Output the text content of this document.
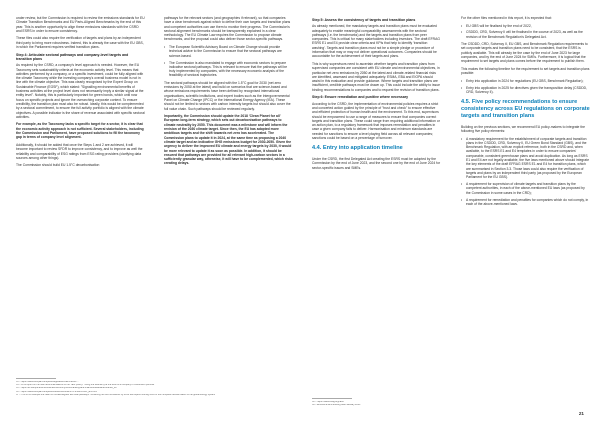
under review, but the Commission is required to review the emissions standards for EU Climate Transition Benchmarks and EU Paris-Aligned Benchmarks by the end of this year. This is another opportunity to align these emissions standards with the CSRD and ESRS in order to ensure consistency.

These files could also require the verification of targets and plans by an independent third party to bring more robustness. Indeed, this is already the case with the EU GBS, in which the Parliament requires verified transition plans.

Step 4: Articulate sectoral pathways and company-level targets and transition plans

As required by the CSRD, a company's level approach is needed. However, the EU Taxonomy sets sustainability criteria at the economic activity level. This means that activities performed by a company, or a specific investment, could be fully aligned with the climate Taxonomy while the investing company's overall business model is not in line with the climate objective. This was clearly recognised by the Expert Group on Sustainable Finance (EGSF), which stated: "Signalling environmental benefits of business activities at the project level does not necessarily imply a similar signal at the entity level". Notably, this is particularly important for green bonds, which until now focus on specific projects and ignore the overarching corporate context. To ensure credibility, the transition plan must also be robust. Ideally, this would be complemented by a sectoral commitment, to ensure the full activity portfolio is aligned with the climate objectives. A possible indicator is the share of revenue associated with specific sectoral activities.

For example, as the Taxonomy lacks a specific target for a sector, it is clear that the economic activity approach is not sufficient. Several stakeholders, including the Commission and Parliament, have proposed solutions to fill the taxonomy gap in terms of company level alignment.

Additionally, it should be added that once the Steps 1 and 2 are achieved, it will become important to review SFDR to improve consistency, and to improve as well the reliability and comparability of ESG ratings from ESG rating providers (clarifying data sources among other things).

The Commission should build EU 1.5°C decarbonisation

pathways for the relevant sectors (and geographies if relevant), so that companies have a clear benchmark against which to define their own targets and transition plans and competent authorities can use them to monitor their progress. The Commission's sectoral alignment benchmarks should be transparently explained in a clear methodology. The EU Climate Law requires the Commission to propose climate benchmarks, and the proposal could also deliver those sector-specific pathways.

• The European Scientific Advisory Board on Climate Change should provide technical advice to the Commission to ensure that the sectoral pathways are science-based.
• The Commission is also mandated to engage with economic sectors to prepare indicative sectoral pathways. This is relevant to ensure that the pathways will be truly implemented by companies, with the necessary economic analysis of the feasibility of sectoral trajectories.

The sectoral pathways should be aligned with the 1.5°C goal for 2030 (net zero emissions by 2050 at the latest) and build on scenarios that are science-based and whose emissions requirements have been defined by recognised international organisations, scientific institutions, and expert bodies such as the Intergovernmental Panel on Climate Change (IPCC) or the International Energy Agency (IEA). These should not be limited to sectors with carbon intensity targets but should also cover the full value chain. Such pathways should be reviewed regularly.

Importantly, the Commission should update the 2018 'Clean Planet for all' European long-term strategy, which sets out decarbonisation pathways to climate neutrality by 2050. This document was a milestone and will inform the revision of the 2030 climate target. Since then, the EU has adopted more ambitious targets and the shift towards net zero has accelerated. The Commission plans to update it in 2024, at the same time as proposing a 2040 climate target and an indicative GHG emissions budget for 2030-2050. Given the urgency to deliver the improved EU climate and energy targets by 2030, it would be more relevant to update it as soon as possible. In addition, it should be ensured that pathways are provided for all relevant high-carbon sectors in a sufficiently granular way, otherwise, it will have to be complemented, which risks creating delays.

Step 5: Assess the consistency of targets and transition plans

As already mentioned, the mandatory targets and transition plans must be evaluated adequately to enable meaningful comparability assessments with the sectoral pathways (i.e. the benchmarks) and the targets and transition plans from peer companies. This is critical for many stakeholders including investors. The draft EFRAG ESRS E1 and E4 provide clear criteria and KPIs that help to identify 'transition washing'. Targets and transition plans must not be a simple pledge or procedure of information that may or may not deliver operational outcomes. Companies should be accountable for the achievement of their targets and plans.

This is why supervisors need to ascertain whether targets and transition plans from supervised companies are consistent with EU climate and environmental objectives, in particular net zero emissions by 2050 at the latest and climate-related financial risks are identified, assessed and mitigated adequately. ESMA, EBA and EIOPA should assist in this evaluation and provide guidance. Where targets and transition plans are insufficient, credible pathways must be drawn up. This could include the ability to issue binding recommendations to companies and to request the revision of transition plans.

Step 6: Ensure remediation and punitive where necessary

According to the CSRD, the implementation of environmental policies requires a strict and concerted action guided by the principle of "trust and check" to ensure effective and efficient protection of human health and the environment. To this end, supervisors should be empowered to use a range of measures to ensure that companies correct targets and transition plans. These could range from requiring additional information or an action plan, to a regulatory framework that imposes remediation and penalties in case a given company fails to deliver. Harmonisation and minimum standards are needed for sanctions to ensure a level playing field across all relevant companies; sanctions could be based on a percentage of turnover.

4.4. Entry into application timeline

Under the CSRD, the first Delegated Act creating the ESRS must be adopted by the Commission by the end of June 2023, and the second one by the end of June 2024 for sector-specific issues and SMEs.

For the other files mentioned in this report, it is expected that:

• EU GBS will be finalised by the end of 2022,
• CSDDD, CRD, Solvency II will be finalised in the course of 2023, as well as the revision of the Benchmark Regulation's Delegated Act.

The CSDDD, CRD, Solvency II, EU GBS, and Benchmark Regulation requirements to set corporate targets and transition plans need to be consistent, that the ESRS is publicly available. This will already be the case by the end of June 2023 for large companies, and by the end of June 2024 for SMEs. Furthermore, it is logical that the requirement to set targets and plans comes before the requirement to publish them.

This makes the following timeline for the requirement to set targets and transition plans possible:

• Entry into application in 2024 for regulations (EU GBS, Benchmark Regulation);
• Entry into application in 2025 for directives given the transposition delay (CSDDD, CRD, Solvency II).
4.5. Five policy recommendations to ensure consistency across EU regulations on corporate targets and transition plans

Building on the previous sections, we recommend EU policy-makers to integrate the following five policy elements:

• A mandatory requirement for the establishment of corporate targets and transition plans in the CSDDD, CRD, Solvency II, EU Green Bond Standard (GBS), and the Benchmark Regulation, with an explicit reference, both in the CSRD and, when available, to the ESRS E1 and E4 templates in order to ensure companies' comparable, consistent greenhouse plans and avoid duplication. As long as ESRS E1 and E4 are not legally available, the five laws mentioned above should integrate the key elements of the draft EFRAG ESRS E1 and E4 for transition plans, which are summarised in Section 3.3. Those laws could also require the verification of targets and plans by an independent third party (as proposed by the European Parliament for the EU GBS).
• A requirement for supervision of climate targets and transition plans by the competent authorities, in each of the above-mentioned EU laws (as proposed by the Commission in some cases in the CRD);
• A requirement for remediation and penalties for companies which do not comply, in each of the above-mentioned laws.
53 – https://www.europarl.europa.eu/legislative-train/theme-...
54 – In its report on the final recommendations of the TEG (2020): "Using the taxonomy at the level of a company or investment portfolio"
55 – https://ec.europa.eu/info/business-economy-euro/banking-and-finance/sustainable-finance_en
56 – https://www.europarl.europa.eu/doceo/document/TA-9-2022-0xxx_EN.html
57 – This is for example the case for climate-aligned IEA NZE pathways: 'Achieving net zero emissions by 2050 will require nothing short of the complete transformation of the global energy system'
58 – https://www.efrag.org/lab6
59 – EFRAG ESRS working draft January 2023
21
